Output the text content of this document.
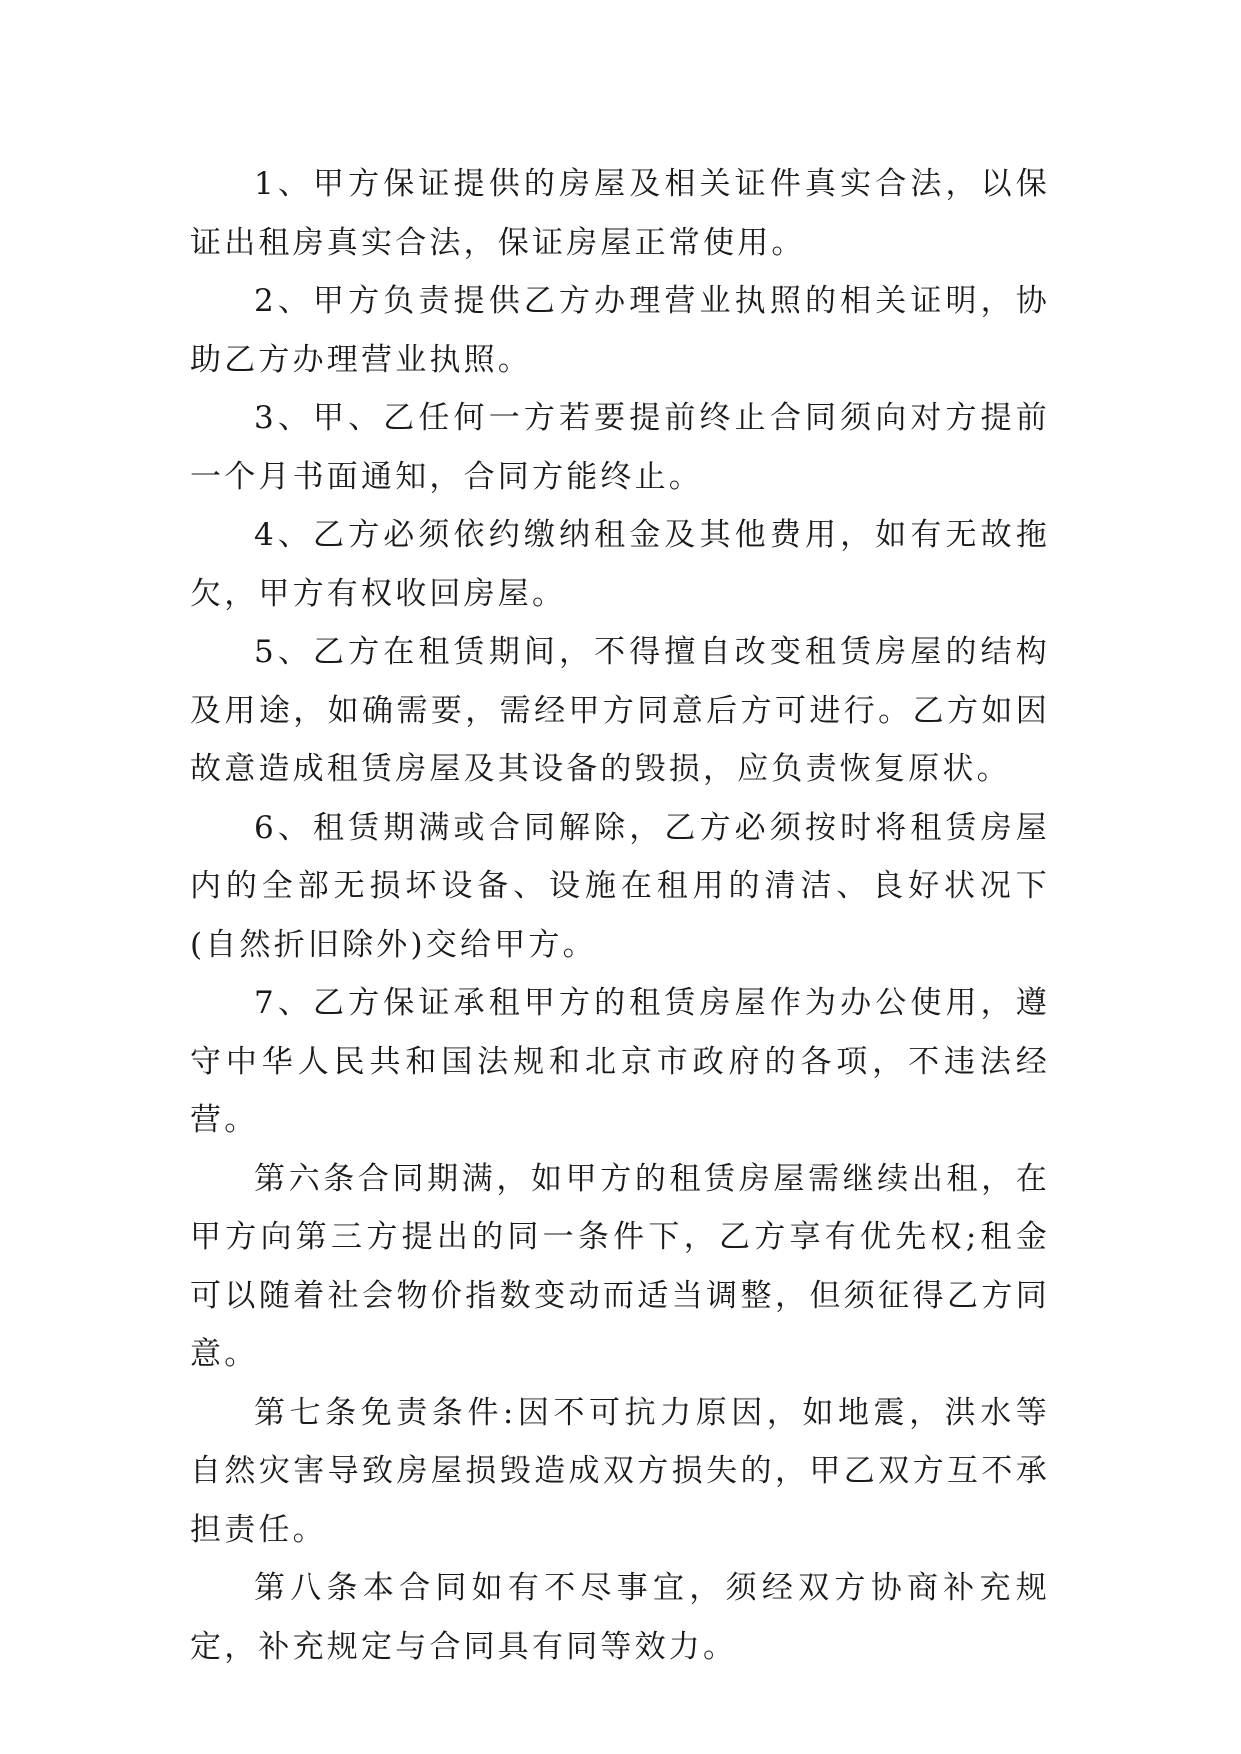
1、甲方保证提供的房屋及相关证件真实合法，以保证出租房真实合法，保证房屋正常使用。

2、甲方负责提供乙方办理营业执照的相关证明，协助乙方办理营业执照。

3、甲、乙任何一方若要提前终止合同须向对方提前一个月书面通知，合同方能终止。

4、乙方必须依约缴纳租金及其他费用，如有无故拖欠，甲方有权收回房屋。

5、乙方在租赁期间，不得擅自改变租赁房屋的结构及用途，如确需要，需经甲方同意后方可进行。乙方如因故意造成租赁房屋及其设备的毁损，应负责恢复原状。

6、租赁期满或合同解除，乙方必须按时将租赁房屋内的全部无损坏设备、设施在租用的清洁、良好状况下(自然折旧除外)交给甲方。

7、乙方保证承租甲方的租赁房屋作为办公使用，遵守中华人民共和国法规和北京市政府的各项，不违法经营。

第六条合同期满，如甲方的租赁房屋需继续出租，在甲方向第三方提出的同一条件下，乙方享有优先权;租金可以随着社会物价指数变动而适当调整，但须征得乙方同意。

第七条免责条件:因不可抗力原因，如地震，洪水等自然灾害导致房屋损毁造成双方损失的，甲乙双方互不承担责任。

第八条本合同如有不尽事宜，须经双方协商补充规定，补充规定与合同具有同等效力。
